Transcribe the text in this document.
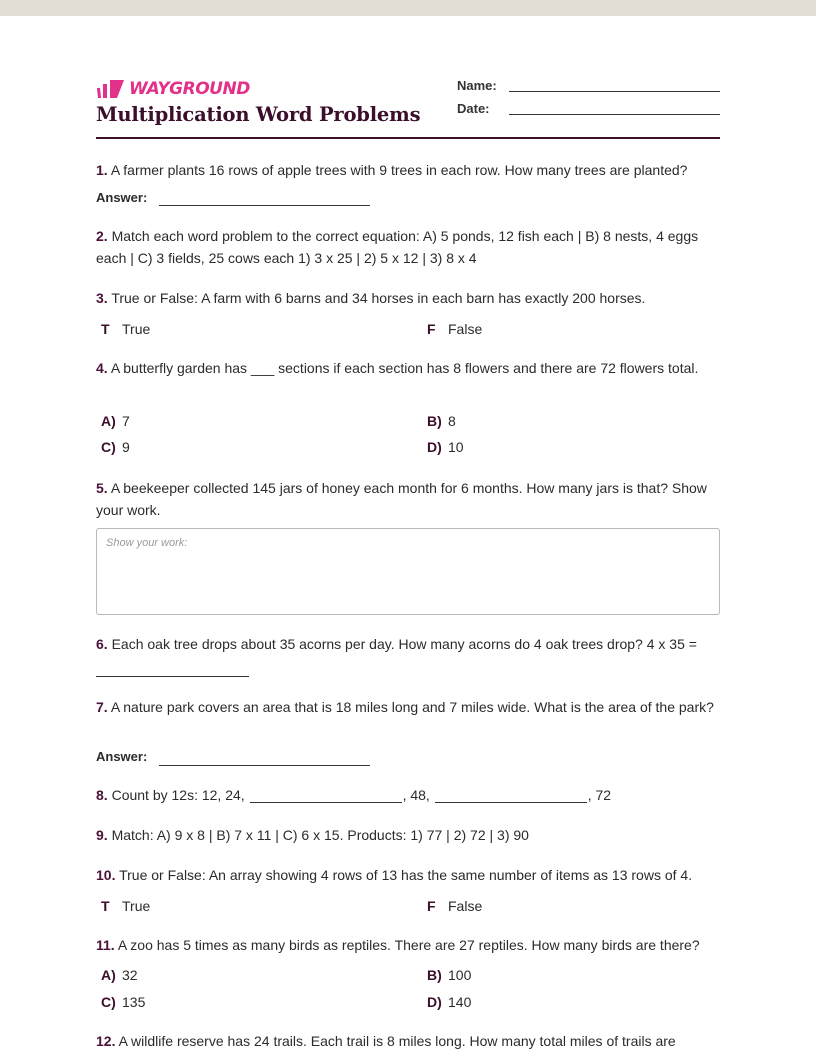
WAYGROUND
Multiplication Word Problems
Name:
Date:
1. A farmer plants 16 rows of apple trees with 9 trees in each row. How many trees are planted?
Answer:
2. Match each word problem to the correct equation: A) 5 ponds, 12 fish each | B) 8 nests, 4 eggs each | C) 3 fields, 25 cows each 1) 3 x 25 | 2) 5 x 12 | 3) 8 x 4
3. True or False: A farm with 6 barns and 34 horses in each barn has exactly 200 horses.
T True	F False
4. A butterfly garden has ___ sections if each section has 8 flowers and there are 72 flowers total.
A) 7	B) 8
C) 9	D) 10
5. A beekeeper collected 145 jars of honey each month for 6 months. How many jars is that? Show your work.
Show your work:
6. Each oak tree drops about 35 acorns per day. How many acorns do 4 oak trees drop? 4 x 35 =
7. A nature park covers an area that is 18 miles long and 7 miles wide. What is the area of the park?
Answer:
8. Count by 12s: 12, 24,	, 48,	, 72
9. Match: A) 9 x 8 | B) 7 x 11 | C) 6 x 15. Products: 1) 77 | 2) 72 | 3) 90
10. True or False: An array showing 4 rows of 13 has the same number of items as 13 rows of 4.
T True	F False
11. A zoo has 5 times as many birds as reptiles. There are 27 reptiles. How many birds are there?
A) 32	B) 100
C) 135	D) 140
12. A wildlife reserve has 24 trails. Each trail is 8 miles long. How many total miles of trails are
